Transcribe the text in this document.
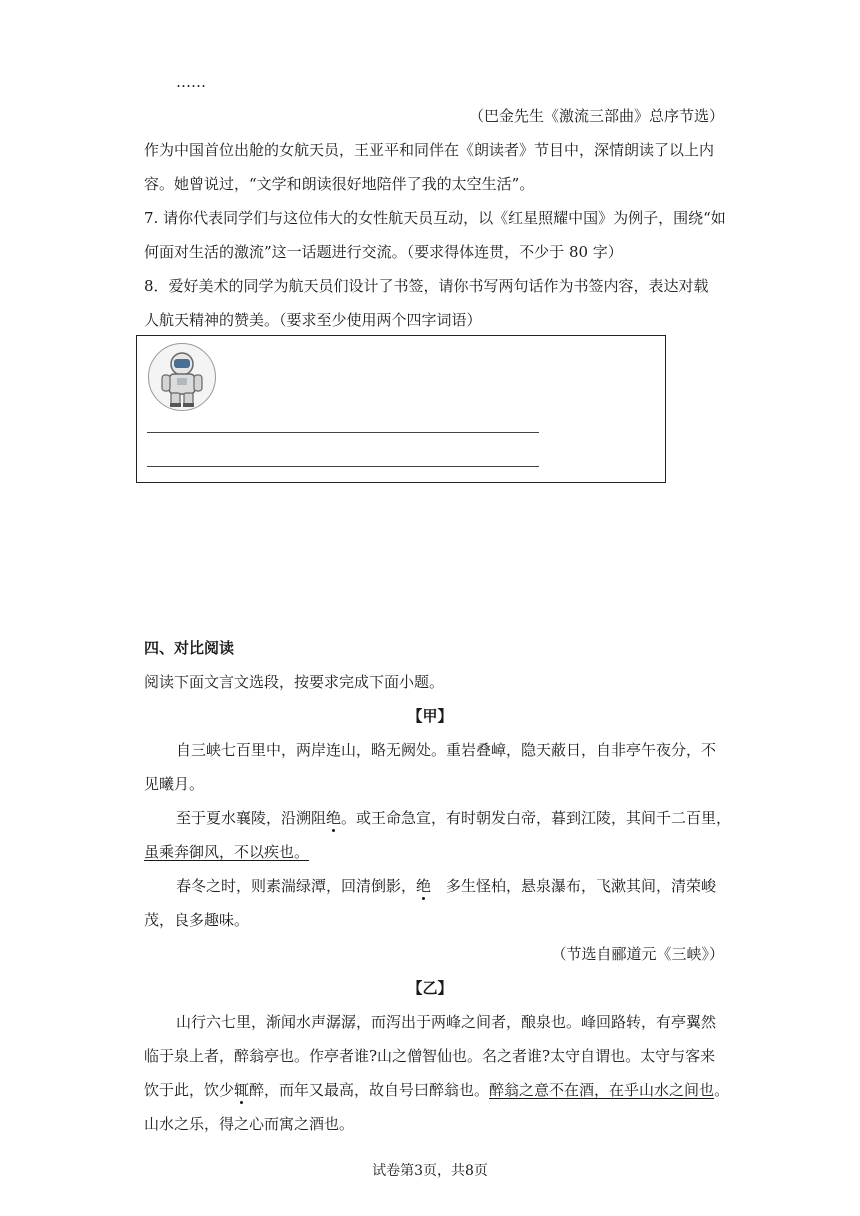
……
（巴金先生《激流三部曲》总序节选）
作为中国首位出舱的女航天员，王亚平和同伴在《朗读者》节目中，深情朗读了以上内
容。她曾说过，“文学和朗读很好地陪伴了我的太空生活”。
7. 请你代表同学们与这位伟大的女性航天员互动，以《红星照耀中国》为例子，围绕“如
何面对生活的激流”这一话题进行交流。（要求得体连贯，不少于 80 字）
8．爱好美术的同学为航天员们设计了书签，请你书写两句话作为书签内容，表达对载
人航天精神的赞美。（要求至少使用两个四字词语）
四、对比阅读
阅读下面文言文选段，按要求完成下面小题。
【甲】
自三峡七百里中，两岸连山，略无阙处。重岩叠嶂，隐天蔽日，自非亭午夜分，不
见曦月。
至于夏水襄陵，沿溯阻绝。或王命急宣，有时朝发白帝，暮到江陵，其间千二百里，
虽乘奔御风，不以疾也。
春冬之时，则素湍绿潭，回清倒影，绝　多生怪柏，悬泉瀑布，飞漱其间，清荣峻
茂，良多趣味。
（节选自郦道元《三峡》）
【乙】
山行六七里，渐闻水声潺潺，而泻出于两峰之间者，酿泉也。峰回路转，有亭翼然
临于泉上者，醉翁亭也。作亭者谁?山之僧智仙也。名之者谁?太守自谓也。太守与客来
饮于此，饮少辄醉，而年又最高，故自号曰醉翁也。醉翁之意不在酒，在乎山水之间也。
山水之乐，得之心而寓之酒也。
试卷第3页，共8页
